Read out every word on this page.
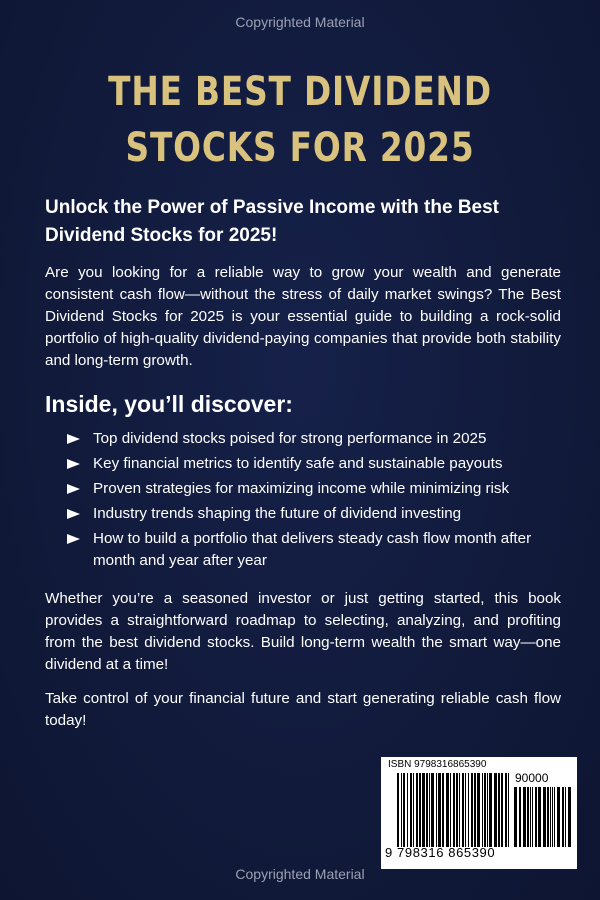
Copyrighted Material
THE BEST DIVIDEND
STOCKS FOR 2025

Unlock the Power of Passive Income with the Best Dividend Stocks for 2025!

Are you looking for a reliable way to grow your wealth and generate consistent cash flow—without the stress of daily market swings? The Best Dividend Stocks for 2025 is your essential guide to building a rock-solid portfolio of high-quality dividend-paying companies that provide both stability and long-term growth.

Inside, you’ll discover:
Top dividend stocks poised for strong performance in 2025
Key financial metrics to identify safe and sustainable payouts
Proven strategies for maximizing income while minimizing risk
Industry trends shaping the future of dividend investing
How to build a portfolio that delivers steady cash flow month after month and year after year

Whether you’re a seasoned investor or just getting started, this book provides a straightforward roadmap to selecting, analyzing, and profiting from the best dividend stocks. Build long-term wealth the smart way—one dividend at a time!

Take control of your financial future and start generating reliable cash flow today!

ISBN 9798316865390
90000
9 798316 865390
Copyrighted Material
